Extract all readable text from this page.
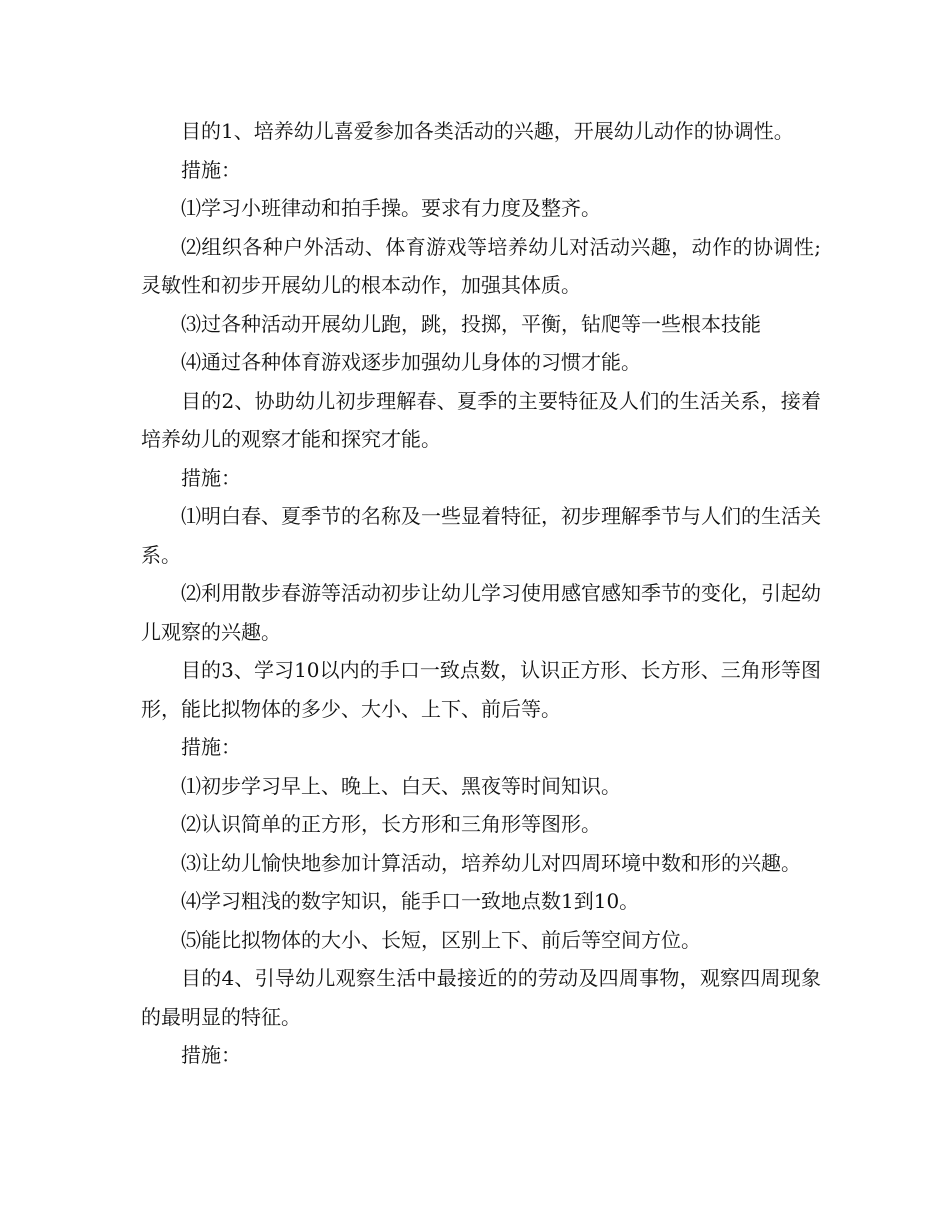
目的1、培养幼儿喜爱参加各类活动的兴趣，开展幼儿动作的协调性。

措施：

⑴学习小班律动和拍手操。要求有力度及整齐。

⑵组织各种户外活动、体育游戏等培养幼儿对活动兴趣，动作的协调性;灵敏性和初步开展幼儿的根本动作，加强其体质。

⑶过各种活动开展幼儿跑，跳，投掷，平衡，钻爬等一些根本技能

⑷通过各种体育游戏逐步加强幼儿身体的习惯才能。

目的2、协助幼儿初步理解春、夏季的主要特征及人们的生活关系，接着培养幼儿的观察才能和探究才能。

措施：

⑴明白春、夏季节的名称及一些显着特征，初步理解季节与人们的生活关系。

⑵利用散步春游等活动初步让幼儿学习使用感官感知季节的变化，引起幼儿观察的兴趣。

目的3、学习10以内的手口一致点数，认识正方形、长方形、三角形等图形，能比拟物体的多少、大小、上下、前后等。

措施：

⑴初步学习早上、晚上、白天、黑夜等时间知识。

⑵认识简单的正方形，长方形和三角形等图形。

⑶让幼儿愉快地参加计算活动，培养幼儿对四周环境中数和形的兴趣。

⑷学习粗浅的数字知识，能手口一致地点数1到10。

⑸能比拟物体的大小、长短，区别上下、前后等空间方位。

目的4、引导幼儿观察生活中最接近的的劳动及四周事物，观察四周现象的最明显的特征。

措施：
